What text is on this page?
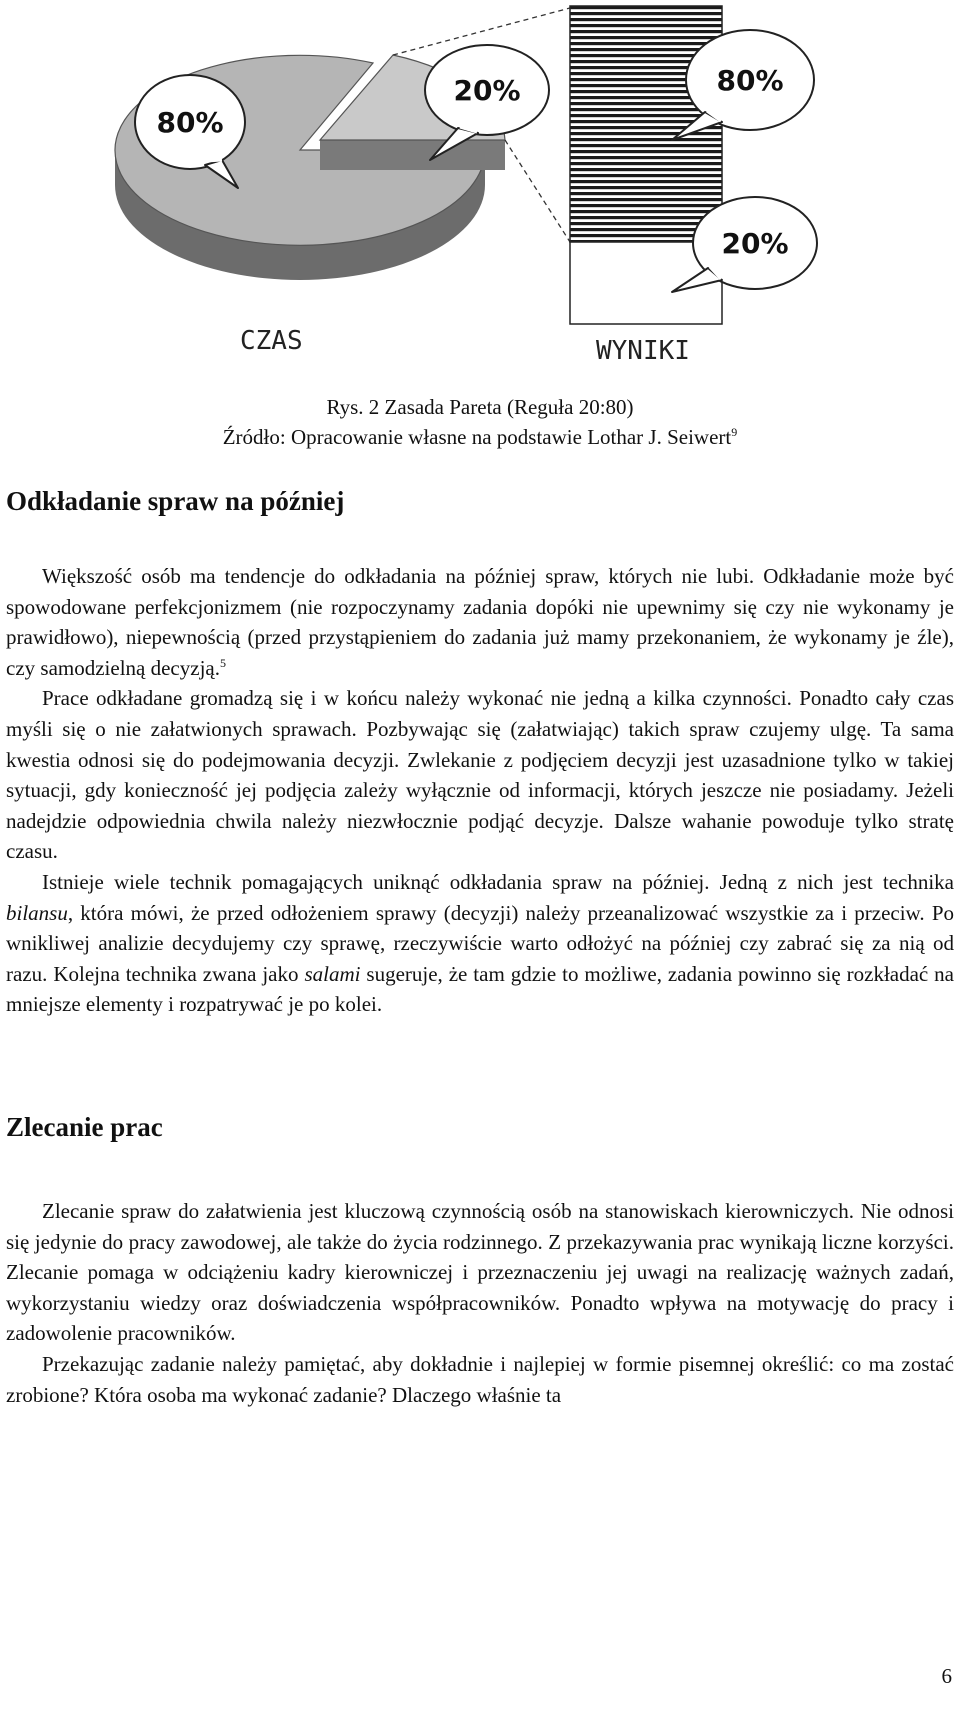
80%
20%	80%
20%
CZAS	WYNIKI
Rys. 2 Zasada Pareta (Reguła 20:80)
Źródło: Opracowanie własne na podstawie Lothar J. Seiwert$^9$
Odkładanie spraw na później

Większość osób ma tendencje do odkładania na później spraw, których nie lubi. Odkładanie może być spowodowane perfekcjonizmem (nie rozpoczynamy zadania dopóki nie upewnimy się czy nie wykonamy je prawidłowo), niepewnością (przed przystąpieniem do zadania już mamy przekonaniem, że wykonamy je źle), czy samodzielną decyzją.$^5$

Prace odkładane gromadzą się i w końcu należy wykonać nie jedną a kilka czynności. Ponadto cały czas myśli się o nie załatwionych sprawach. Pozbywając się (załatwiając) takich spraw czujemy ulgę. Ta sama kwestia odnosi się do podejmowania decyzji. Zwlekanie z podjęciem decyzji jest uzasadnione tylko w takiej sytuacji, gdy konieczność jej podjęcia zależy wyłącznie od informacji, których jeszcze nie posiadamy. Jeżeli nadejdzie odpowiednia chwila należy niezwłocznie podjąć decyzje. Dalsze wahanie powoduje tylko stratę czasu.

Istnieje wiele technik pomagających uniknąć odkładania spraw na później. Jedną z nich jest technika bilansu, która mówi, że przed odłożeniem sprawy (decyzji) należy przeanalizować wszystkie za i przeciw. Po wnikliwej analizie decydujemy czy sprawę, rzeczywiście warto odłożyć na później czy zabrać się za nią od razu. Kolejna technika zwana jako salami sugeruje, że tam gdzie to możliwe, zadania powinno się rozkładać na mniejsze elementy i rozpatrywać je po kolei.

Zlecanie prac

Zlecanie spraw do załatwienia jest kluczową czynnością osób na stanowiskach kierowniczych. Nie odnosi się jedynie do pracy zawodowej, ale także do życia rodzinnego. Z przekazywania prac wynikają liczne korzyści. Zlecanie pomaga w odciążeniu kadry kierowniczej i przeznaczeniu jej uwagi na realizację ważnych zadań, wykorzystaniu wiedzy oraz doświadczenia współpracowników. Ponadto wpływa na motywację do pracy i zadowolenie pracowników.

Przekazując zadanie należy pamiętać, aby dokładnie i najlepiej w formie pisemnej określić: co ma zostać zrobione? Która osoba ma wykonać zadanie? Dlaczego właśnie ta

6
